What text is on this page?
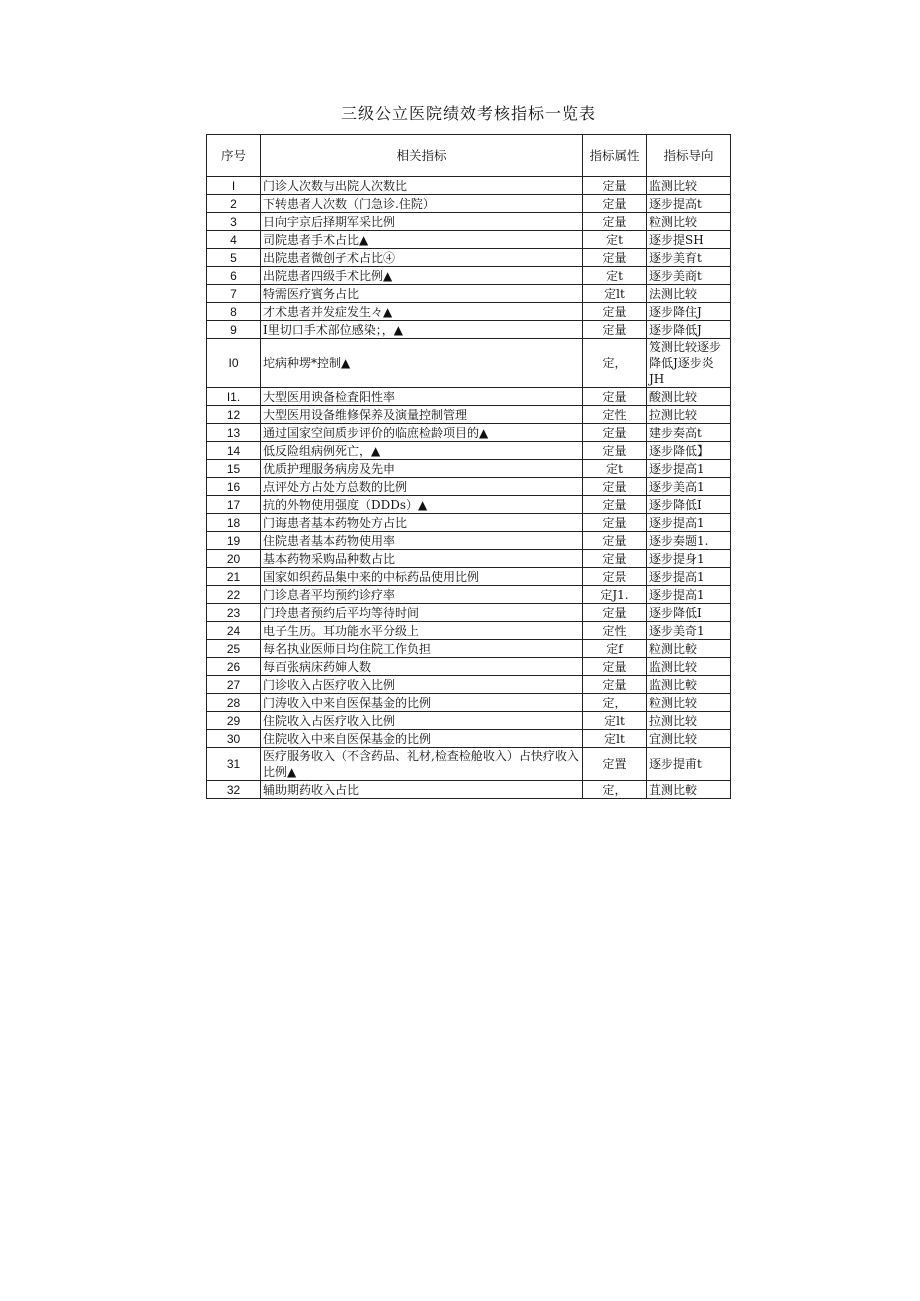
三级公立医院绩效考核指标一览表
序号	相关指标	指标属性	指标导向
I	门诊人次数与出院人次数比	定量	监测比较
2	下转患者人次数（门急诊.住院）	定量	逐步提高t
3	日向宇京后择期军采比例	定量	粒测比较
4	司院患者手术占比▲	定t	逐步提SH
5	出院患者微创孑术占比④	定量	逐步美育t
6	出院患者四级手术比例▲	定t	逐步美商t
7	特需医疗賓务占比	定lt	法测比较
8	才术患者并发症发生々▲	定量	逐步降住J
9	I里切口手术部位感染；，▲	定量	逐步降低J
I0	坨病种塄*控制▲	定，	笈测比较逐步降低J逐步炎JH
I1.	大型医用谀备检査阳性率	定量	酸测比较
12	大型医用设备维修保养及演量控制管理	定性	拉测比较
13	通过国家空间质步评价的临庶检龄项目的▲	定量	建步奏高t
14	低反险组病例死亡，▲	定量	逐步降低】
15	优质护理服务病房及先申	定t	逐步提高1
16	点评处方占处方总数的比例	定量	逐步美高1
17	抗的外物使用强度（DDDs）▲	定量	逐步降低I
18	门诲患者基本药物处方占比	定量	逐步提高1
19	住院患者基本药物使用率	定量	逐步奏题1.
20	基本药物采购品种数占比	定量	逐步提身1
21	国家如织药品集中来的中标药品使用比例	定景	逐步提高1
22	门诊息者平均预约诊疗率	定J1.	逐步提高1
23	门玲患者预约后平均等待时间	定量	逐步降低I
24	电子生历。耳功能水平分级上	定性	逐步美奇1
25	每名执业医师日均住院工作负担	定f	粒测比較
26	每百张病床药婶人数	定量	监测比较
27	门诊收入占医疗收入比例	定量	监测比較
28	门涛收入中来自医保基金的比例	定，	粒测比较
29	住院收入占医疗收入比例	定lt	拉测比较
30	住院收入中来自医保基金的比例	定lt	宜测比较
31	医疗服务收入（不含药品、礼材,检查检舱收入）占快疗收入比例▲	定置	逐步提甫t
32	辅助期药收入占比	定，	苴测比較
